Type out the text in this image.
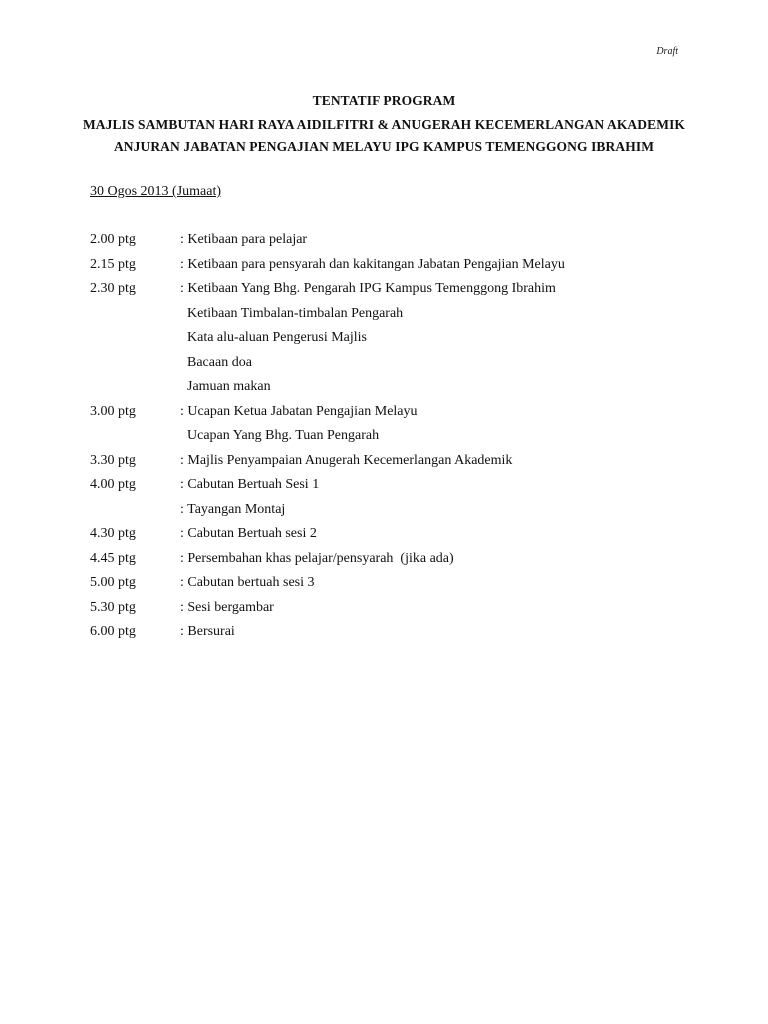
Draft
TENTATIF PROGRAM
MAJLIS SAMBUTAN HARI RAYA AIDILFITRI & ANUGERAH KECEMERLANGAN AKADEMIK
ANJURAN JABATAN PENGAJIAN MELAYU IPG KAMPUS TEMENGGONG IBRAHIM
30 Ogos 2013 (Jumaat)
2.00 ptg	: Ketibaan para pelajar
2.15 ptg	: Ketibaan para pensyarah dan kakitangan Jabatan Pengajian Melayu
2.30 ptg	: Ketibaan Yang Bhg. Pengarah IPG Kampus Temenggong Ibrahim
Ketibaan Timbalan-timbalan Pengarah
Kata alu-aluan Pengerusi Majlis
Bacaan doa
Jamuan makan
3.00 ptg	: Ucapan Ketua Jabatan Pengajian Melayu
Ucapan Yang Bhg. Tuan Pengarah
3.30 ptg	: Majlis Penyampaian Anugerah Kecemerlangan Akademik
4.00 ptg	: Cabutan Bertuah Sesi 1
: Tayangan Montaj
4.30 ptg	: Cabutan Bertuah sesi 2
4.45 ptg	: Persembahan khas pelajar/pensyarah  (jika ada)
5.00 ptg	: Cabutan bertuah sesi 3
5.30 ptg	: Sesi bergambar
6.00 ptg	: Bersurai
